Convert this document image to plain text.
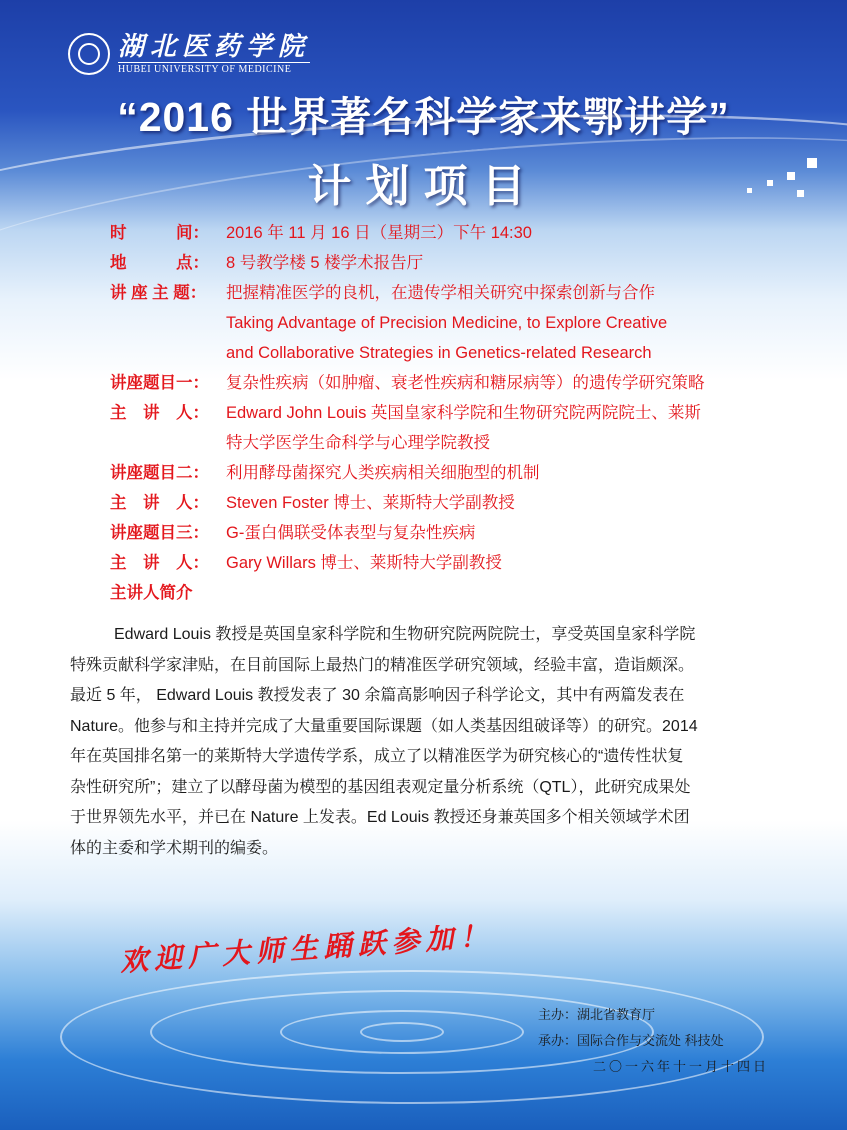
湖北医药学院
HUBEI UNIVERSITY OF MEDICINE
“2016 世界著名科学家来鄂讲学”
计划项目
时　　　间：	2016 年 11 月 16 日（星期三）下午 14:30
地　　　点：	8 号教学楼 5 楼学术报告厅
讲 座 主 题：	把握精准医学的良机，在遗传学相关研究中探索创新与合作
Taking Advantage of Precision Medicine, to Explore Creative
and Collaborative Strategies in Genetics-related Research
讲座题目一：	复杂性疾病（如肿瘤、衰老性疾病和糖尿病等）的遗传学研究策略
主　讲　人：	Edward John Louis 英国皇家科学院和生物研究院两院院士、莱斯
特大学医学生命科学与心理学院教授
讲座题目二：	利用酵母菌探究人类疾病相关细胞型的机制
主　讲　人：	Steven Foster 博士、莱斯特大学副教授
讲座题目三：	G-蛋白偶联受体表型与复杂性疾病
主　讲　人：	Gary Willars 博士、莱斯特大学副教授
主讲人简介

Edward Louis 教授是英国皇家科学院和生物研究院两院院士，享受英国皇家科学院

特殊贡献科学家津贴，在目前国际上最热门的精准医学研究领域，经验丰富，造诣颇深。

最近 5 年， Edward Louis 教授发表了 30 余篇高影响因子科学论文，其中有两篇发表在

Nature。他参与和主持并完成了大量重要国际课题（如人类基因组破译等）的研究。2014

年在英国排名第一的莱斯特大学遗传学系，成立了以精准医学为研究核心的“遗传性状复

杂性研究所”；建立了以酵母菌为模型的基因组表观定量分析系统（QTL），此研究成果处

于世界领先水平，并已在 Nature 上发表。Ed Louis 教授还身兼英国多个相关领域学术团

体的主委和学术期刊的编委。

欢迎广大师生踊跃参加！
主办：湖北省教育厅
承办：国际合作与交流处 科技处
二〇一六年十一月十四日
